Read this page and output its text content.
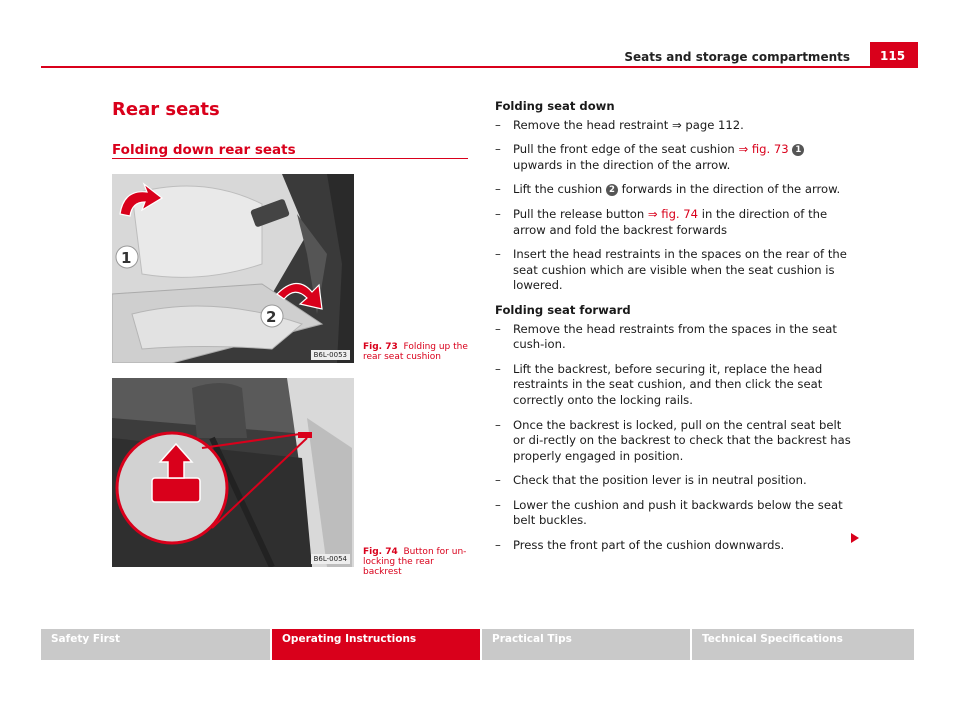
Seats and storage compartments	115
Rear seats
Folding down rear seats
1
2
B6L-0053
Fig. 73 Folding up the rear seat cushion
B6L-0054
Fig. 74 Button for un-locking the rear backrest

Folding seat down

– Remove the head restraint ⇒ page 112.
– Pull the front edge of the seat cushion ⇒ fig. 73 1 upwards in the direction of the arrow.
– Lift the cushion 2 forwards in the direction of the arrow.
– Pull the release button ⇒ fig. 74 in the direction of the arrow and fold the backrest forwards
– Insert the head restraints in the spaces on the rear of the seat cushion which are visible when the seat cushion is lowered.

Folding seat forward

– Remove the head restraints from the spaces in the seat cush-ion.
– Lift the backrest, before securing it, replace the head restraints in the seat cushion, and then click the seat correctly onto the locking rails.
– Once the backrest is locked, pull on the central seat belt or di-rectly on the backrest to check that the backrest has properly engaged in position.
– Check that the position lever is in neutral position.
– Lower the cushion and push it backwards below the seat belt buckles.
– Press the front part of the cushion downwards.
Safety First	Operating Instructions	Practical Tips	Technical Specifications
